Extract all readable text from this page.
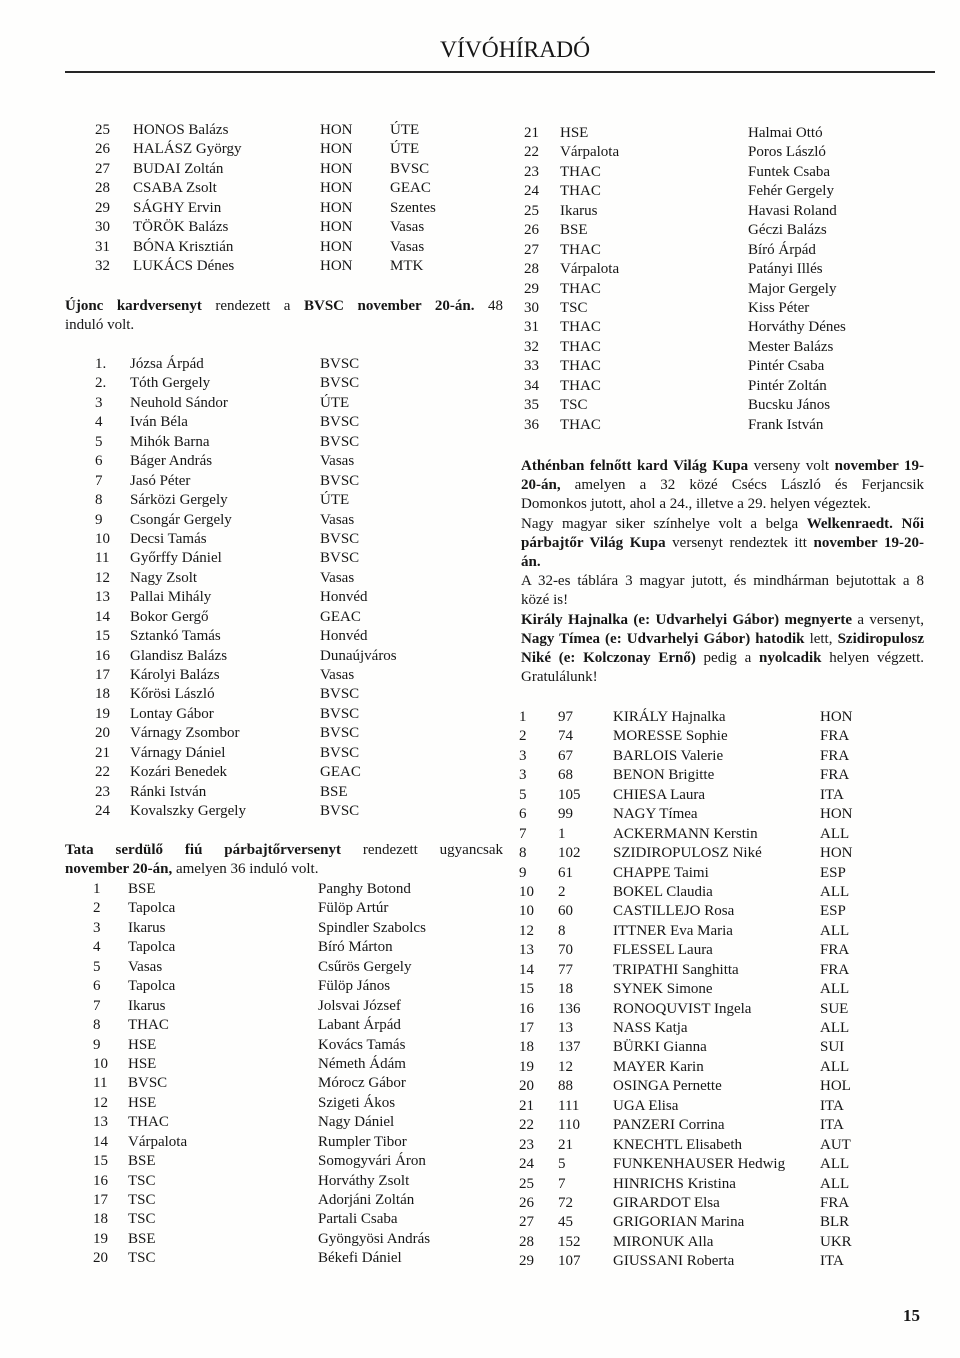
VÍVÓHÍRADÓ
25 HONOS Balázs	HON	ÚTE
26 HALÁSZ György	HON	ÚTE
27 BUDAI Zoltán	HON	BVSC
28 CSABA Zsolt	HON	GEAC
29 SÁGHY Ervin	HON	Szentes
30 TÖRÖK Balázs	HON	Vasas
31 BÓNA Krisztián	HON	Vasas
32 LUKÁCS Dénes	HON	MTK
Újonc kardversenyt rendezett a BVSC november 20-án. 48
induló volt.
1. Józsa Árpád	BVSC
2. Tóth Gergely	BVSC
3 Neuhold Sándor	ÚTE
4 Iván Béla	BVSC
5 Mihók Barna	BVSC
6 Báger András	Vasas
7 Jasó Péter	BVSC
8 Sárközi Gergely	ÚTE
9 Csongár Gergely	Vasas
10 Decsi Tamás	BVSC
11 Győrffy Dániel	BVSC
12 Nagy Zsolt	Vasas
13 Pallai Mihály	Honvéd
14 Bokor Gergő	GEAC
15 Sztankó Tamás	Honvéd
16 Glandisz Balázs	Dunaújváros
17 Károlyi Balázs	Vasas
18 Kőrösi László	BVSC
19 Lontay Gábor	BVSC
20 Várnagy Zsombor	BVSC
21 Várnagy Dániel	BVSC
22 Kozári Benedek	GEAC
23 Ránki István	BSE
24 Kovalszky Gergely	BVSC
Tata serdülő fiú párbajtőrversenyt rendezett ugyancsak
november 20-án, amelyen 36 induló volt.
1 BSE	Panghy Botond
2 Tapolca	Fülöp Artúr
3 Ikarus	Spindler Szabolcs
4 Tapolca	Bíró Márton
5 Vasas	Csűrös Gergely
6 Tapolca	Fülöp János
7 Ikarus	Jolsvai József
8 THAC	Labant Árpád
9 HSE	Kovács Tamás
10 HSE	Németh Ádám
11 BVSC	Mórocz Gábor
12 HSE	Szigeti Ákos
13 THAC	Nagy Dániel
14 Várpalota	Rumpler Tibor
15 BSE	Somogyvári Áron
16 TSC	Horváthy Zsolt
17 TSC	Adorjáni Zoltán
18 TSC	Partali Csaba
19 BSE	Gyöngyösi András
20 TSC	Békefi Dániel
21 HSE	Halmai Ottó
22 Várpalota	Poros László
23 THAC	Funtek Csaba
24 THAC	Fehér Gergely
25 Ikarus	Havasi Roland
26 BSE	Géczi Balázs
27 THAC	Bíró Árpád
28 Várpalota	Patányi Illés
29 THAC	Major Gergely
30 TSC	Kiss Péter
31 THAC	Horváthy Dénes
32 THAC	Mester Balázs
33 THAC	Pintér Csaba
34 THAC	Pintér Zoltán
35 TSC	Bucsku János
36 THAC	Frank István
Athénban felnőtt kard Világ Kupa verseny volt november 19-
20-án, amelyen a 32 közé Csécs László és Ferjancsik
Domonkos jutott, ahol a 24., illetve a 29. helyen végeztek.
Nagy magyar siker színhelye volt a belga Welkenraedt. Női
párbajtőr Világ Kupa versenyt rendeztek itt november 19-20-
án.
A 32-es táblára 3 magyar jutott, és mindhárman bejutottak a 8
közé is!
Király Hajnalka (e: Udvarhelyi Gábor) megnyerte a versenyt,
Nagy Tímea (e: Udvarhelyi Gábor) hatodik lett, Szidiropulosz
Niké (e: Kolczonay Ernő) pedig a nyolcadik helyen végzett.
Gratulálunk!
1 97	KIRÁLY Hajnalka	HON
2 74	MORESSE Sophie	FRA
3 67	BARLOIS Valerie	FRA
3 68	BENON Brigitte	FRA
5 105 CHIESA Laura	ITA
6 99	NAGY Tímea	HON
7 1	ACKERMANN Kerstin	ALL
8 102 SZIDIROPULOSZ Niké	HON
9 61	CHAPPE Taimi	ESP
10 2	BOKEL Claudia	ALL
10 60	CASTILLEJO Rosa	ESP
12 8	ITTNER Eva Maria	ALL
13 70	FLESSEL Laura	FRA
14 77	TRIPATHI Sanghitta	FRA
15 18	SYNEK Simone	ALL
16 136 RONOQUVIST Ingela	SUE
17 13	NASS Katja	ALL
18 137 BÜRKI Gianna	SUI
19 12	MAYER Karin	ALL
20 88	OSINGA Pernette	HOL
21 111 UGA Elisa	ITA
22 110 PANZERI Corrina	ITA
23 21	KNECHTL Elisabeth	AUT
24 5	FUNKENHAUSER Hedwig ALL
25 7	HINRICHS Kristina	ALL
26 72	GIRARDOT Elsa	FRA
27 45	GRIGORIAN Marina	BLR
28 152 MIRONUK Alla	UKR
29 107 GIUSSANI Roberta	ITA
15
